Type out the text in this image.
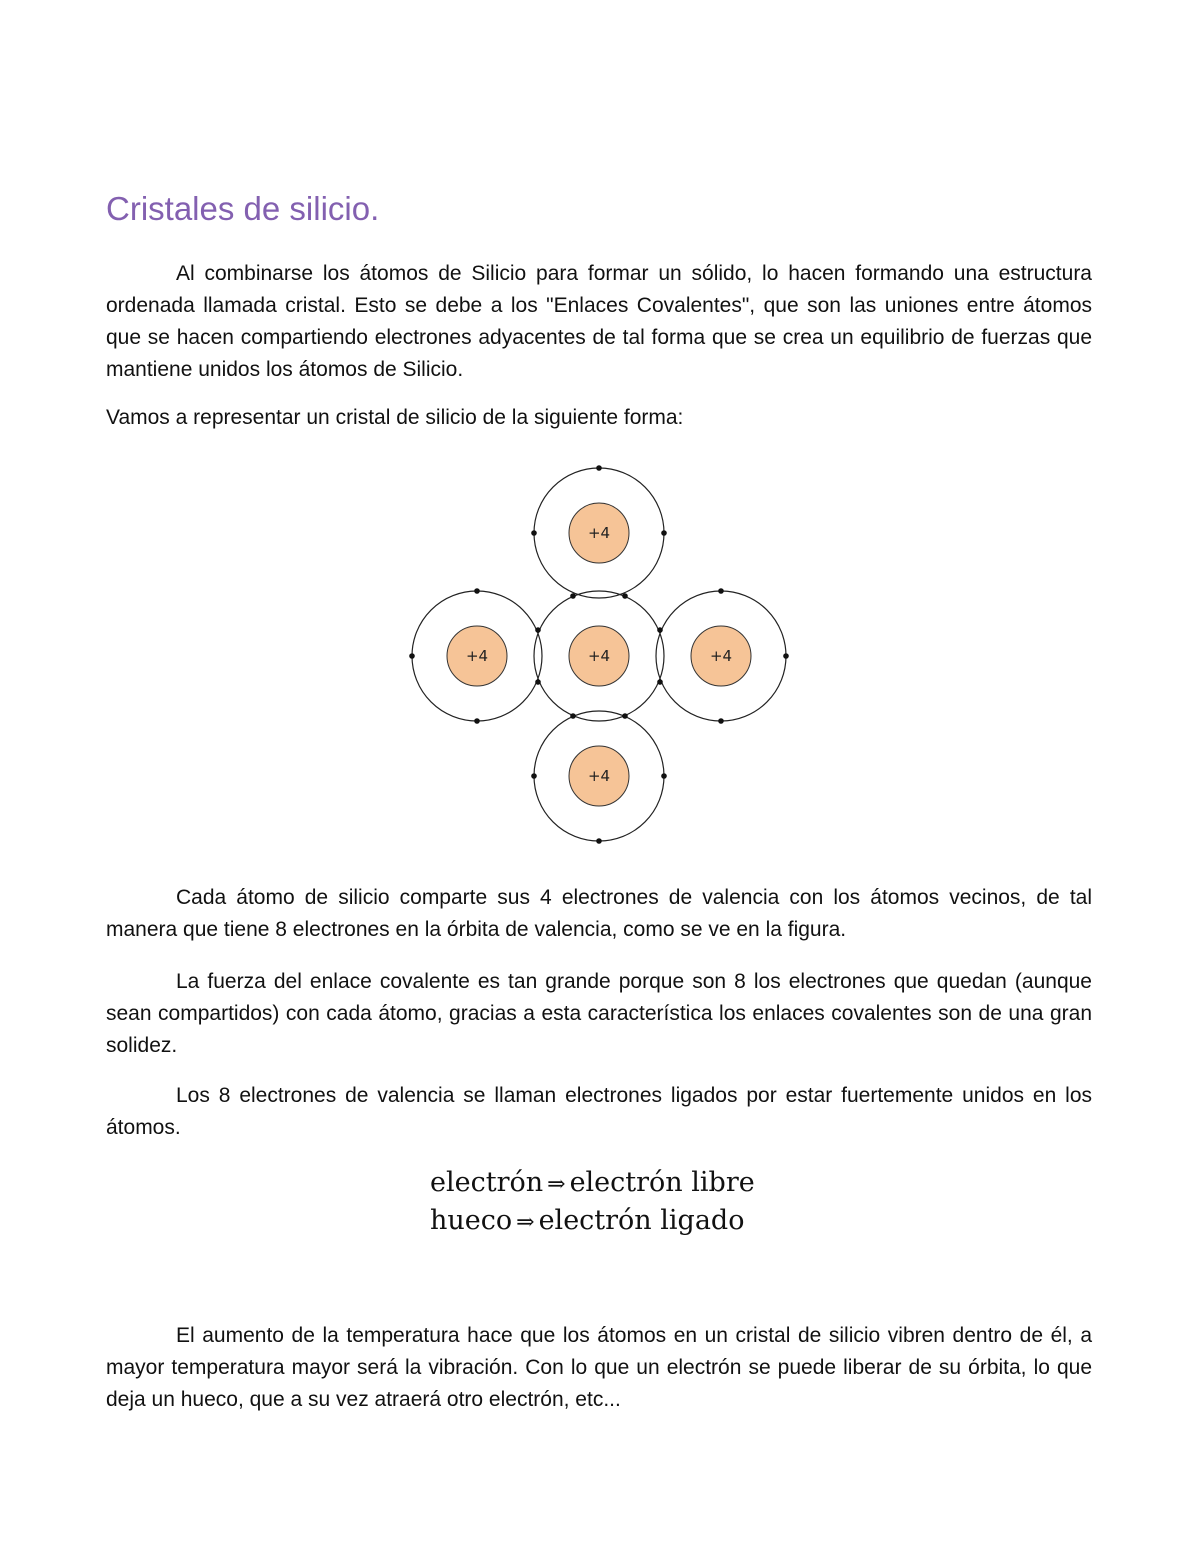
Cristales de silicio.

Al combinarse los átomos de Silicio para formar un sólido, lo hacen formando una estructura ordenada llamada cristal. Esto se debe a los "Enlaces Covalentes", que son las uniones entre átomos que se hacen compartiendo electrones adyacentes de tal forma que se crea un equilibrio de fuerzas que mantiene unidos los átomos de Silicio.

Vamos a representar un cristal de silicio de la siguiente forma:

+4
+4	+4	+4
+4

Cada átomo de silicio comparte sus 4 electrones de valencia con los átomos vecinos, de tal manera que tiene 8 electrones en la órbita de valencia, como se ve en la figura.

La fuerza del enlace covalente es tan grande porque son 8 los electrones que quedan (aunque sean compartidos) con cada átomo, gracias a esta característica los enlaces covalentes son de una gran solidez.

Los 8 electrones de valencia se llaman electrones ligados por estar fuertemente unidos en los átomos.

electrón ⇒ electrón libre
hueco ⇒ electrón ligado

El aumento de la temperatura hace que los átomos en un cristal de silicio vibren dentro de él, a mayor temperatura mayor será la vibración. Con lo que un electrón se puede liberar de su órbita, lo que deja un hueco, que a su vez atraerá otro electrón, etc...
